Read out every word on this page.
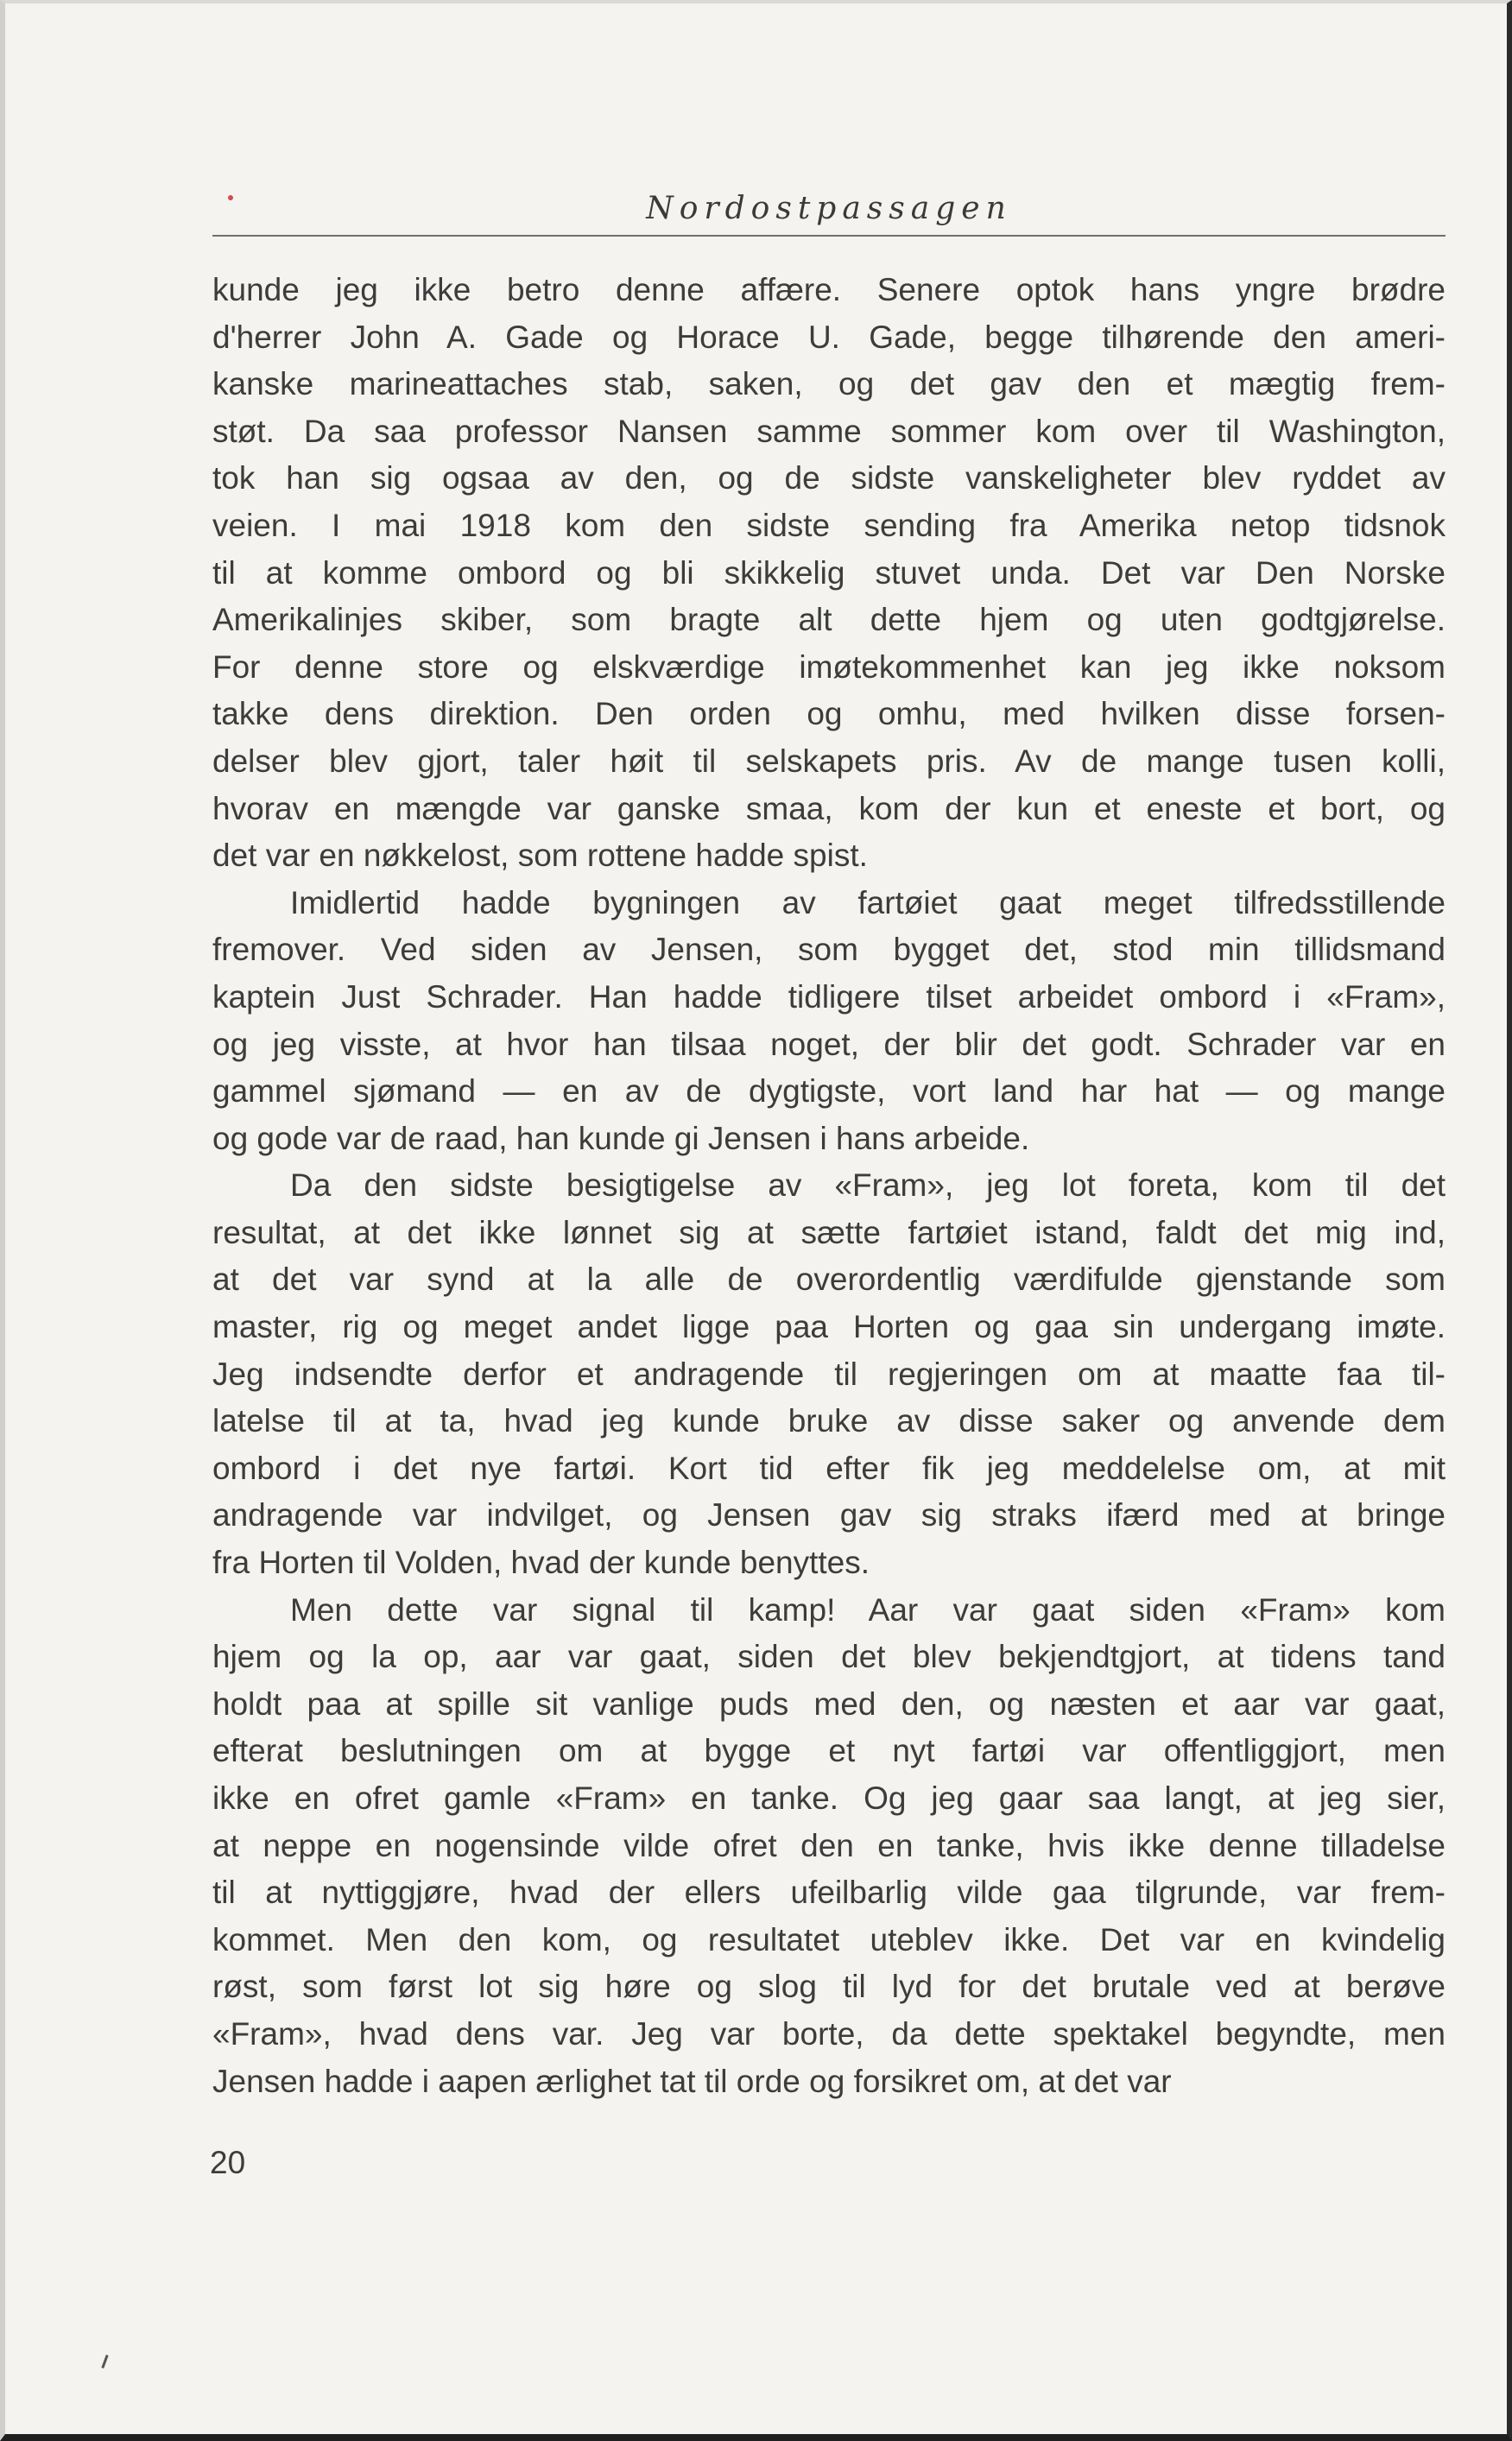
Nordostpassagen

kunde jeg ikke betro denne affære. Senere optok hans yngre brødre

d'herrer John A. Gade og Horace U. Gade, begge tilhørende den ameri-

kanske marineattaches stab, saken, og det gav den et mægtig frem-

støt. Da saa professor Nansen samme sommer kom over til Washington,

tok han sig ogsaa av den, og de sidste vanskeligheter blev ryddet av

veien. I mai 1918 kom den sidste sending fra Amerika netop tidsnok

til at komme ombord og bli skikkelig stuvet unda. Det var Den Norske

Amerikalinjes skiber, som bragte alt dette hjem og uten godtgjørelse.

For denne store og elskværdige imøtekommenhet kan jeg ikke noksom

takke dens direktion. Den orden og omhu, med hvilken disse forsen-

delser blev gjort, taler høit til selskapets pris. Av de mange tusen kolli,

hvorav en mængde var ganske smaa, kom der kun et eneste et bort, og

det var en nøkkelost, som rottene hadde spist.

Imidlertid hadde bygningen av fartøiet gaat meget tilfredsstillende

fremover. Ved siden av Jensen, som bygget det, stod min tillidsmand

kaptein Just Schrader. Han hadde tidligere tilset arbeidet ombord i «Fram»,

og jeg visste, at hvor han tilsaa noget, der blir det godt. Schrader var en

gammel sjømand — en av de dygtigste, vort land har hat — og mange

og gode var de raad, han kunde gi Jensen i hans arbeide.

Da den sidste besigtigelse av «Fram», jeg lot foreta, kom til det

resultat, at det ikke lønnet sig at sætte fartøiet istand, faldt det mig ind,

at det var synd at la alle de overordentlig værdifulde gjenstande som

master, rig og meget andet ligge paa Horten og gaa sin undergang imøte.

Jeg indsendte derfor et andragende til regjeringen om at maatte faa til-

latelse til at ta, hvad jeg kunde bruke av disse saker og anvende dem

ombord i det nye fartøi. Kort tid efter fik jeg meddelelse om, at mit

andragende var indvilget, og Jensen gav sig straks ifærd med at bringe

fra Horten til Volden, hvad der kunde benyttes.

Men dette var signal til kamp! Aar var gaat siden «Fram» kom

hjem og la op, aar var gaat, siden det blev bekjendtgjort, at tidens tand

holdt paa at spille sit vanlige puds med den, og næsten et aar var gaat,

efterat beslutningen om at bygge et nyt fartøi var offentliggjort, men

ikke en ofret gamle «Fram» en tanke. Og jeg gaar saa langt, at jeg sier,

at neppe en nogensinde vilde ofret den en tanke, hvis ikke denne tilladelse

til at nyttiggjøre, hvad der ellers ufeilbarlig vilde gaa tilgrunde, var frem-

kommet. Men den kom, og resultatet uteblev ikke. Det var en kvindelig

røst, som først lot sig høre og slog til lyd for det brutale ved at berøve

«Fram», hvad dens var. Jeg var borte, da dette spektakel begyndte, men

Jensen hadde i aapen ærlighet tat til orde og forsikret om, at det var

20
